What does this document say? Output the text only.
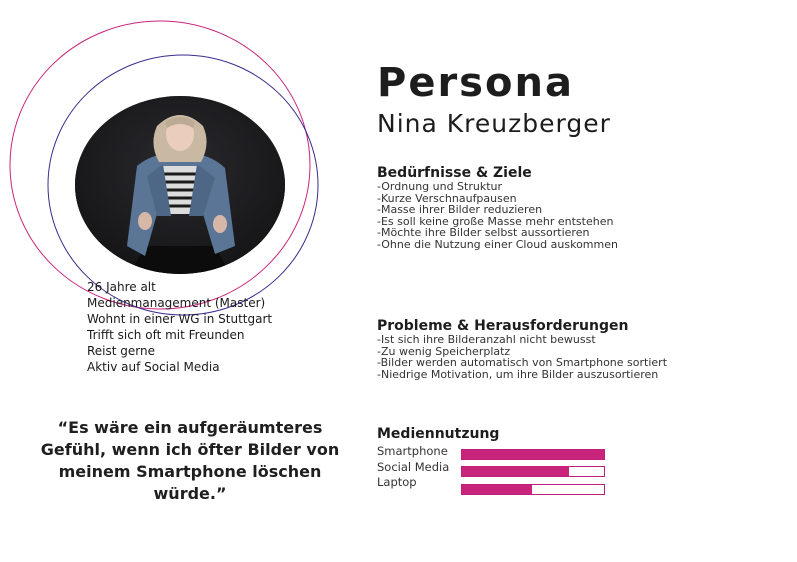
26 Jahre alt
Medienmanagement (Master)
Wohnt in einer WG in Stuttgart
Trifft sich oft mit Freunden
Reist gerne
Aktiv auf Social Media
“Es wäre ein aufgeräumteres Gefühl, wenn ich öfter Bilder von meinem Smartphone löschen würde.”
Persona
Nina Kreuzberger
Bedürfnisse & Ziele
-Ordnung und Struktur
-Kurze Verschnaufpausen
-Masse ihrer Bilder reduzieren
-Es soll keine große Masse mehr entstehen
-Möchte ihre Bilder selbst aussortieren
-Ohne die Nutzung einer Cloud auskommen
Probleme & Herausforderungen
-Ist sich ihre Bilderanzahl nicht bewusst
-Zu wenig Speicherplatz
-Bilder werden automatisch von Smartphone sortiert
-Niedrige Motivation, um ihre Bilder auszusortieren
Mediennutzung
Smartphone
Social Media
Laptop
